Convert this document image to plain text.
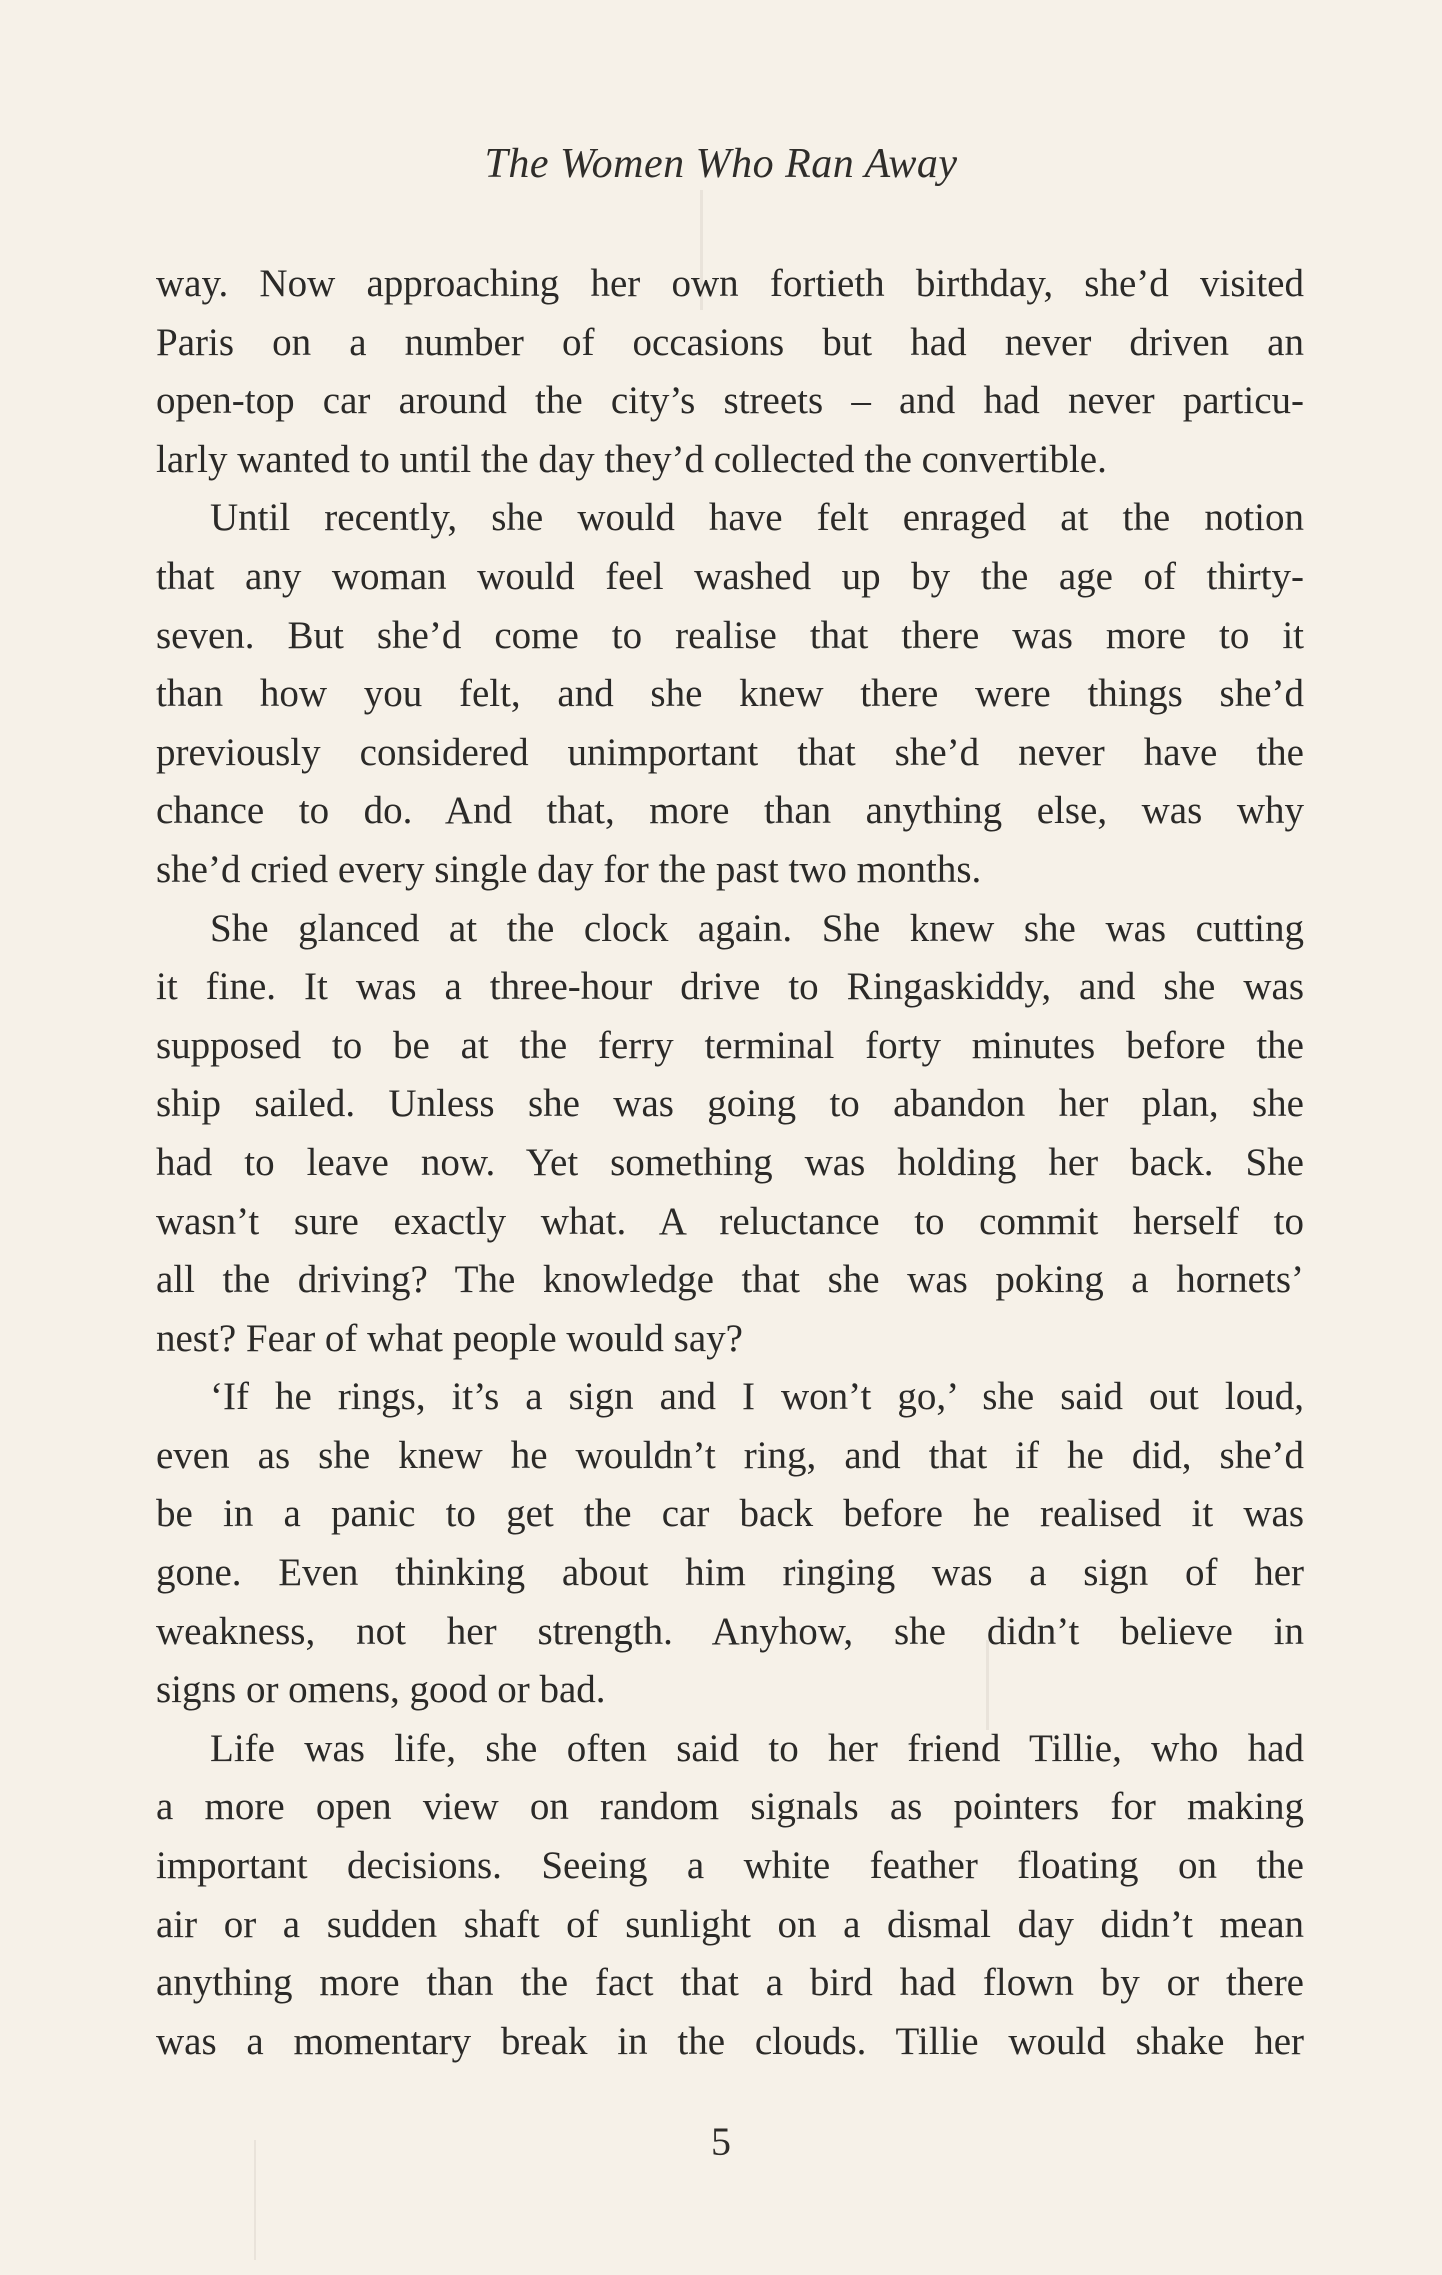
The Women Who Ran Away
way. Now approaching her own fortieth birthday, she’d visited
Paris on a number of occasions but had never driven an
open-top car around the city’s streets – and had never particu-
larly wanted to until the day they’d collected the convertible.
Until recently, she would have felt enraged at the notion
that any woman would feel washed up by the age of thirty-
seven. But she’d come to realise that there was more to it
than how you felt, and she knew there were things she’d
previously considered unimportant that she’d never have the
chance to do. And that, more than anything else, was why
she’d cried every single day for the past two months.
She glanced at the clock again. She knew she was cutting
it fine. It was a three-hour drive to Ringaskiddy, and she was
supposed to be at the ferry terminal forty minutes before the
ship sailed. Unless she was going to abandon her plan, she
had to leave now. Yet something was holding her back. She
wasn’t sure exactly what. A reluctance to commit herself to
all the driving? The knowledge that she was poking a hornets’
nest? Fear of what people would say?
‘If he rings, it’s a sign and I won’t go,’ she said out loud,
even as she knew he wouldn’t ring, and that if he did, she’d
be in a panic to get the car back before he realised it was
gone. Even thinking about him ringing was a sign of her
weakness, not her strength. Anyhow, she didn’t believe in
signs or omens, good or bad.
Life was life, she often said to her friend Tillie, who had
a more open view on random signals as pointers for making
important decisions. Seeing a white feather floating on the
air or a sudden shaft of sunlight on a dismal day didn’t mean
anything more than the fact that a bird had flown by or there
was a momentary break in the clouds. Tillie would shake her
5
